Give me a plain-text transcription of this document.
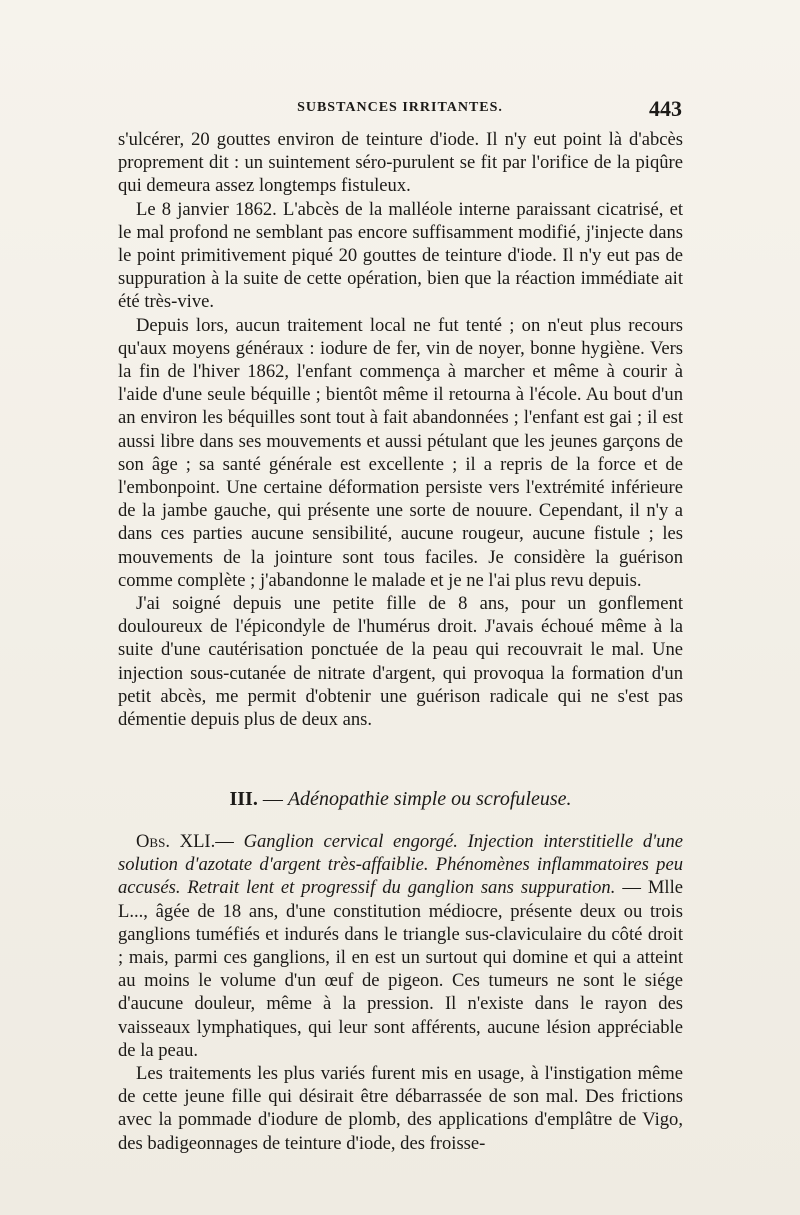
SUBSTANCES IRRITANTES.	443

s'ulcérer, 20 gouttes environ de teinture d'iode. Il n'y eut point là d'abcès proprement dit : un suintement séro-purulent se fit par l'orifice de la piqûre qui demeura assez longtemps fistuleux.

Le 8 janvier 1862. L'abcès de la malléole interne paraissant cicatrisé, et le mal profond ne semblant pas encore suffisamment modifié, j'injecte dans le point primitivement piqué 20 gouttes de teinture d'iode. Il n'y eut pas de suppuration à la suite de cette opération, bien que la réaction immédiate ait été très-vive.

Depuis lors, aucun traitement local ne fut tenté ; on n'eut plus recours qu'aux moyens généraux : iodure de fer, vin de noyer, bonne hygiène. Vers la fin de l'hiver 1862, l'enfant commença à marcher et même à courir à l'aide d'une seule béquille ; bientôt même il retourna à l'école. Au bout d'un an environ les béquilles sont tout à fait abandonnées ; l'enfant est gai ; il est aussi libre dans ses mouvements et aussi pétulant que les jeunes garçons de son âge ; sa santé générale est excellente ; il a repris de la force et de l'embonpoint. Une certaine déformation persiste vers l'extrémité inférieure de la jambe gauche, qui présente une sorte de nouure. Cependant, il n'y a dans ces parties aucune sensibilité, aucune rougeur, aucune fistule ; les mouvements de la jointure sont tous faciles. Je considère la guérison comme complète ; j'abandonne le malade et je ne l'ai plus revu depuis.

J'ai soigné depuis une petite fille de 8 ans, pour un gonflement douloureux de l'épicondyle de l'humérus droit. J'avais échoué même à la suite d'une cautérisation ponctuée de la peau qui recouvrait le mal. Une injection sous-cutanée de nitrate d'argent, qui provoqua la formation d'un petit abcès, me permit d'obtenir une guérison radicale qui ne s'est pas démentie depuis plus de deux ans.

III. — Adénopathie simple ou scrofuleuse.

Obs. XLI.— Ganglion cervical engorgé. Injection interstitielle d'une solution d'azotate d'argent très-affaiblie. Phénomènes inflammatoires peu accusés. Retrait lent et progressif du ganglion sans suppuration. — Mlle L..., âgée de 18 ans, d'une constitution médiocre, présente deux ou trois ganglions tuméfiés et indurés dans le triangle sus-claviculaire du côté droit ; mais, parmi ces ganglions, il en est un surtout qui domine et qui a atteint au moins le volume d'un œuf de pigeon. Ces tumeurs ne sont le siége d'aucune douleur, même à la pression. Il n'existe dans le rayon des vaisseaux lymphatiques, qui leur sont afférents, aucune lésion appréciable de la peau.

Les traitements les plus variés furent mis en usage, à l'instigation même de cette jeune fille qui désirait être débarrassée de son mal. Des frictions avec la pommade d'iodure de plomb, des applications d'emplâtre de Vigo, des badigeonnages de teinture d'iode, des froisse-
